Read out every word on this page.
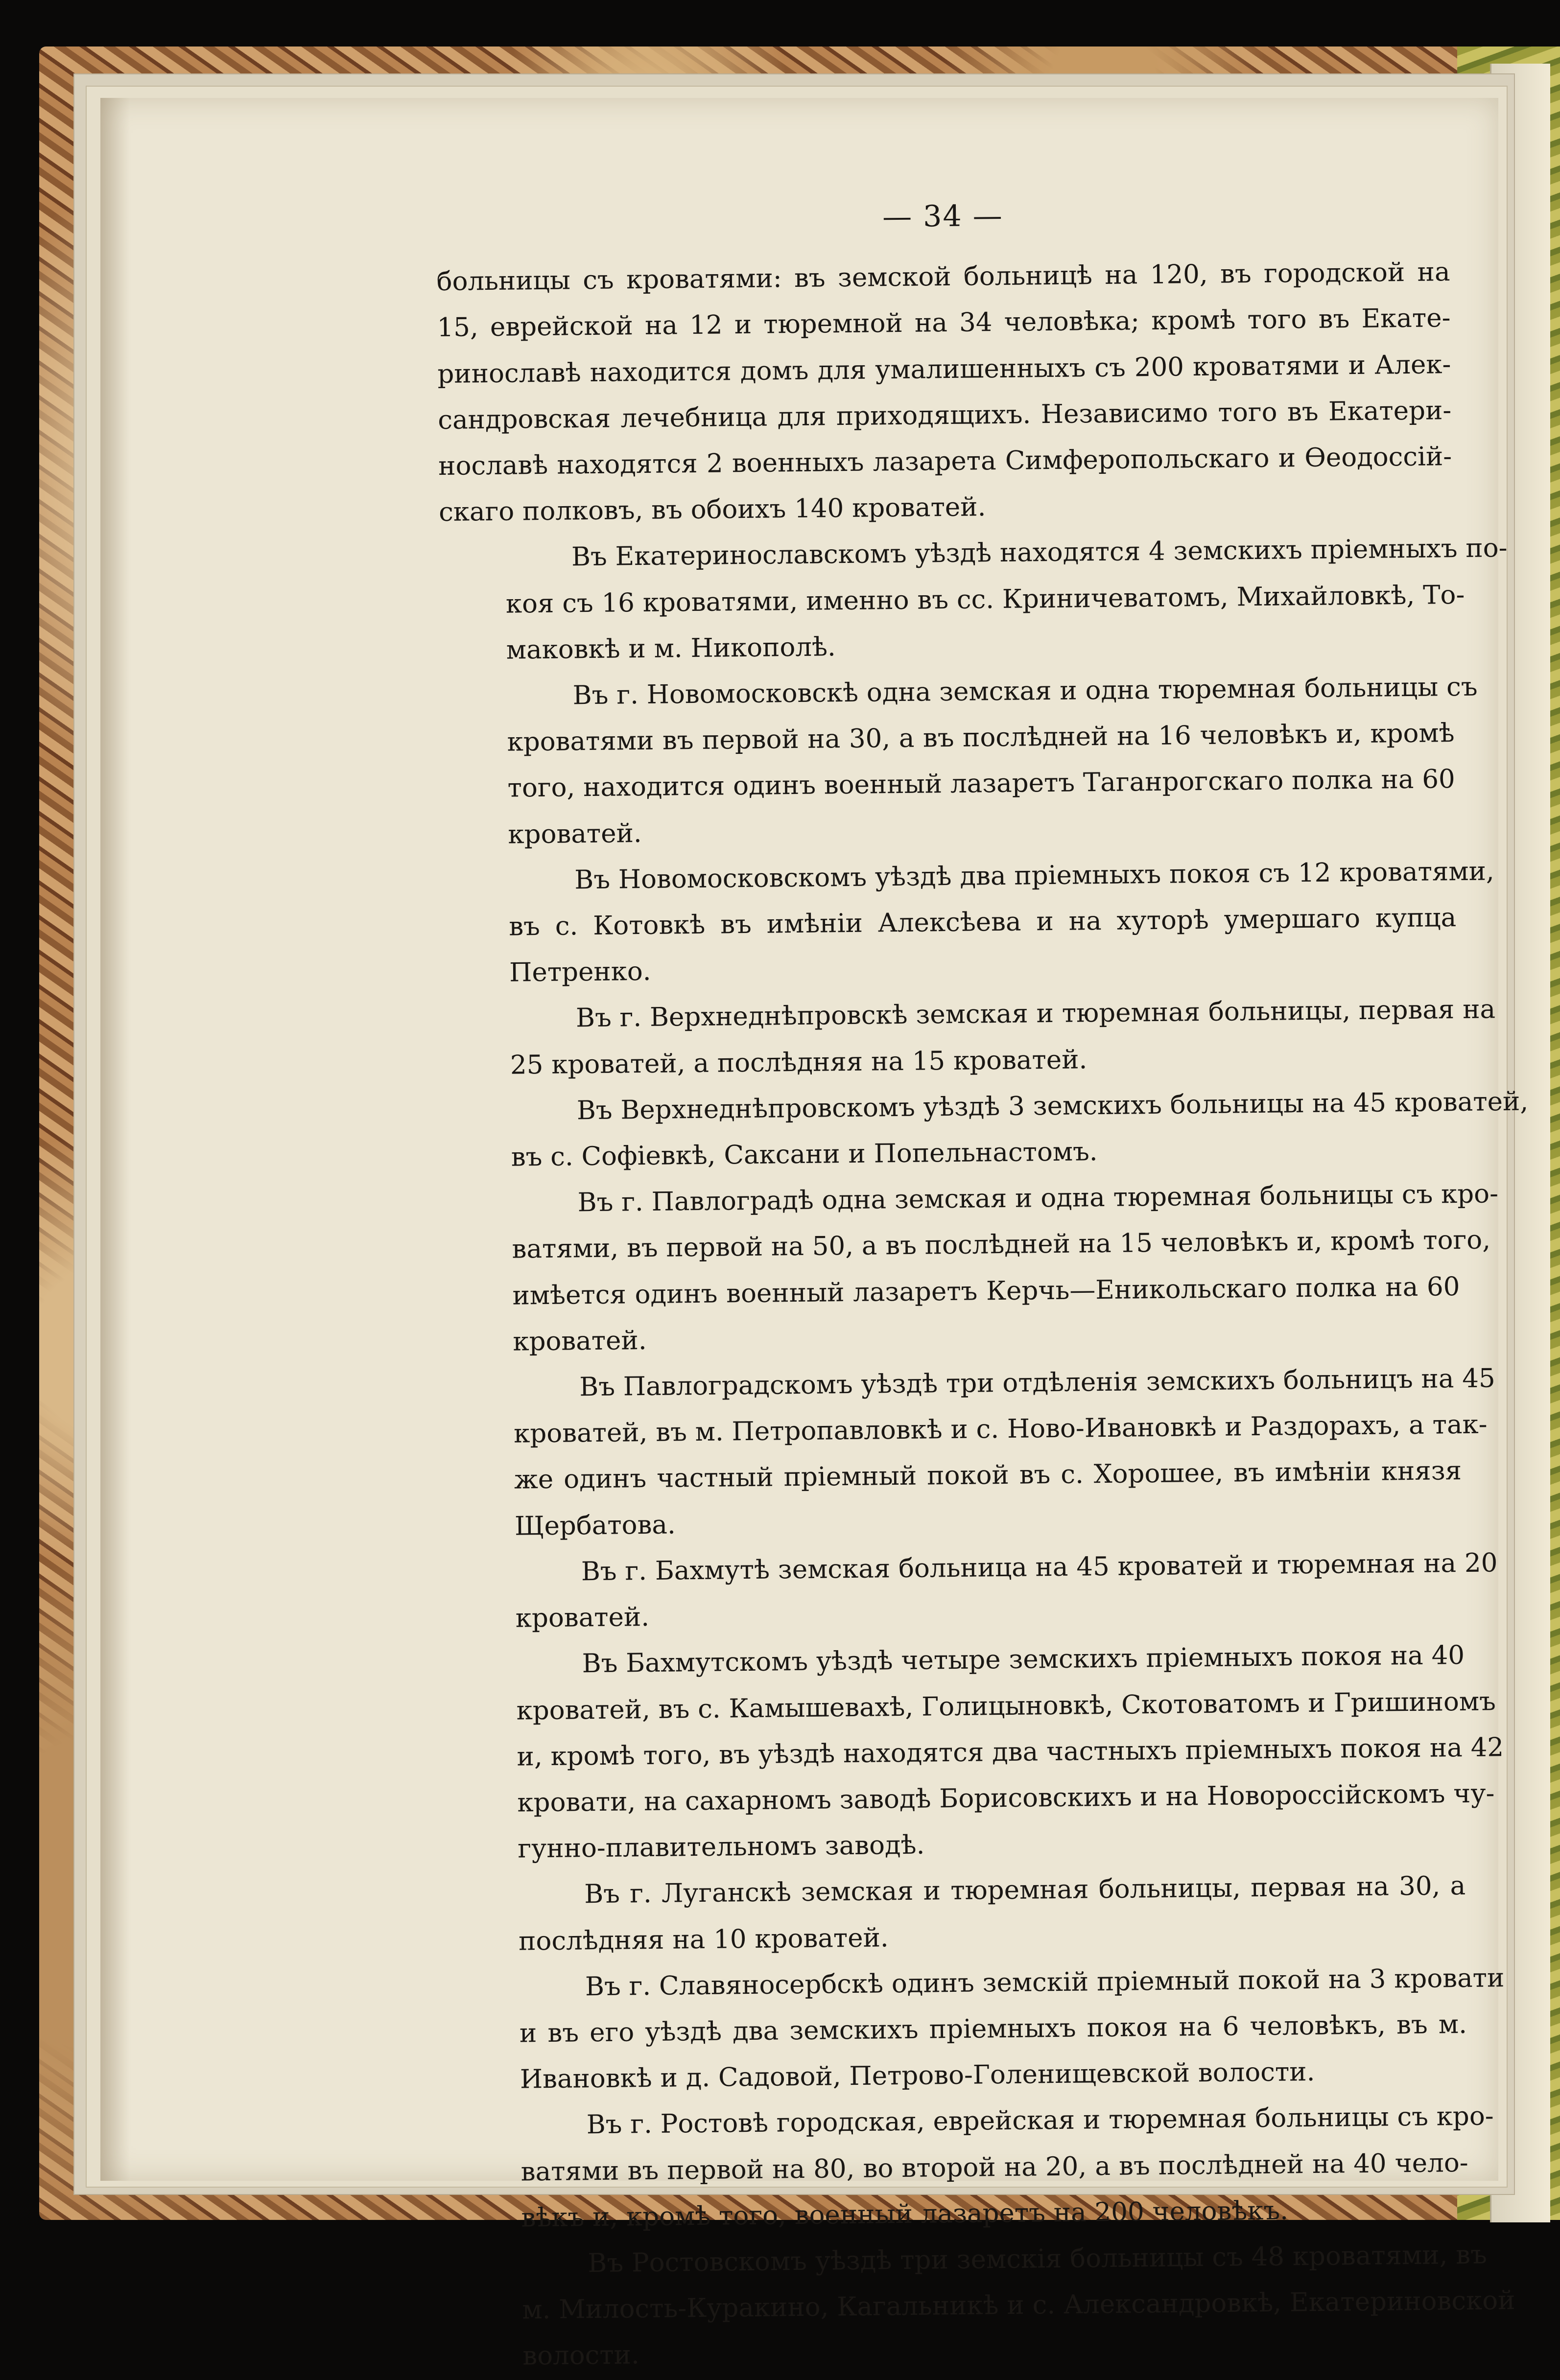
— 34 —
больницы съ кроватями: въ земской больницѣ на 120, въ городской на
15, еврейской на 12 и тюремной на 34 человѣка; кромѣ того въ Екате-
ринославѣ находится домъ для умалишенныхъ съ 200 кроватями и Алек-
сандровская лечебница для приходящихъ. Независимо того въ Екатери-
нославѣ находятся 2 военныхъ лазарета Симферопольскаго и Ѳеодоссій-
скаго полковъ, въ обоихъ 140 кроватей.
Въ Екатеринославскомъ уѣздѣ находятся 4 земскихъ пріемныхъ по-
коя съ 16 кроватями, именно въ сс. Криничеватомъ, Михайловкѣ, То-
маковкѣ и м. Никополѣ.
Въ г. Новомосковскѣ одна земская и одна тюремная больницы съ
кроватями въ первой на 30, а въ послѣдней на 16 человѣкъ и, кромѣ
того, находится одинъ военный лазаретъ Таганрогскаго полка на 60
кроватей.
Въ Новомосковскомъ уѣздѣ два пріемныхъ покоя съ 12 кроватями,
въ с. Котовкѣ въ имѣніи Алексѣева и на хуторѣ умершаго купца
Петренко.
Въ г. Верхнеднѣпровскѣ земская и тюремная больницы, первая на
25 кроватей, а послѣдняя на 15 кроватей.
Въ Верхнеднѣпровскомъ уѣздѣ 3 земскихъ больницы на 45 кроватей,
въ с. Софіевкѣ, Саксани и Попельнастомъ.
Въ г. Павлоградѣ одна земская и одна тюремная больницы съ кро-
ватями, въ первой на 50, а въ послѣдней на 15 человѣкъ и, кромѣ того,
имѣется одинъ военный лазаретъ Керчь—Еникольскаго полка на 60
кроватей.
Въ Павлоградскомъ уѣздѣ три отдѣленія земскихъ больницъ на 45
кроватей, въ м. Петропавловкѣ и с. Ново-Ивановкѣ и Раздорахъ, а так-
же одинъ частный пріемный покой въ с. Хорошее, въ имѣніи князя
Щербатова.
Въ г. Бахмутѣ земская больница на 45 кроватей и тюремная на 20
кроватей.
Въ Бахмутскомъ уѣздѣ четыре земскихъ пріемныхъ покоя на 40
кроватей, въ с. Камышевахѣ, Голицыновкѣ, Скотоватомъ и Гришиномъ
и, кромѣ того, въ уѣздѣ находятся два частныхъ пріемныхъ покоя на 42
кровати, на сахарномъ заводѣ Борисовскихъ и на Новороссійскомъ чу-
гунно-плавительномъ заводѣ.
Въ г. Луганскѣ земская и тюремная больницы, первая на 30, а
послѣдняя на 10 кроватей.
Въ г. Славяносербскѣ одинъ земскій пріемный покой на 3 кровати
и въ его уѣздѣ два земскихъ пріемныхъ покоя на 6 человѣкъ, въ м.
Ивановкѣ и д. Садовой, Петрово-Голенищевской волости.
Въ г. Ростовѣ городская, еврейская и тюремная больницы съ кро-
ватями въ первой на 80, во второй на 20, а въ послѣдней на 40 чело-
вѣкъ и, кромѣ того, военный лазаретъ на 200 человѣкъ.
Въ Ростовскомъ уѣздѣ три земскія больницы съ 48 кроватями, въ
м. Милость-Куракино, Кагальникѣ и с. Александровкѣ, Екатериновской
волости.
